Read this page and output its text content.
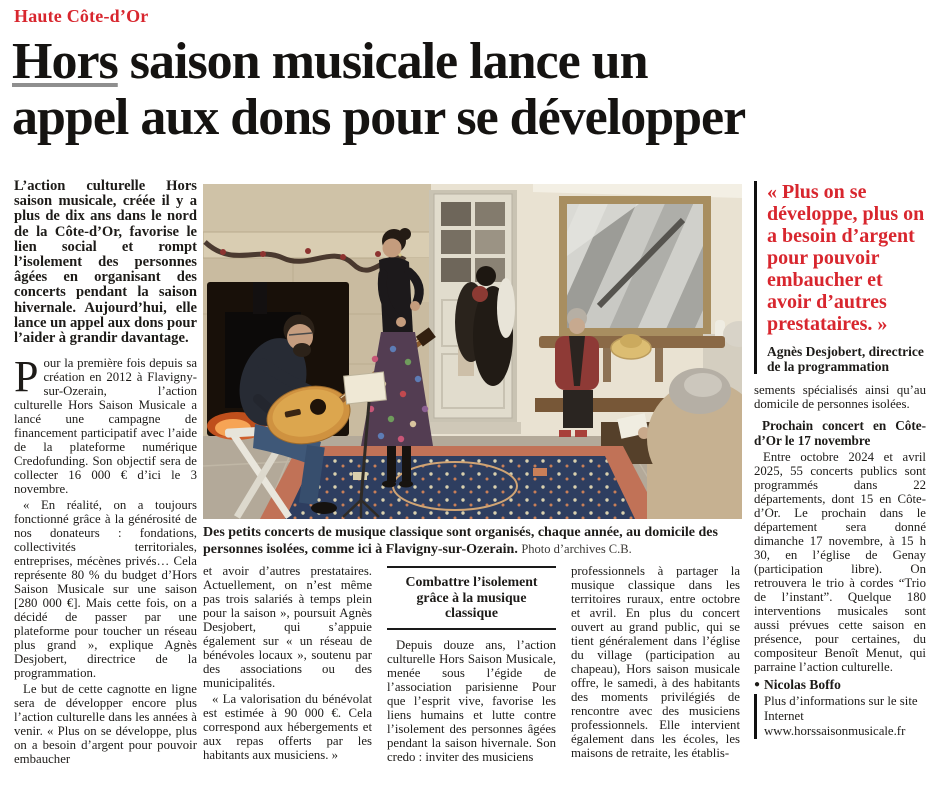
Haute Côte-d’Or
Hors saison musicale lance un
appel aux dons pour se développer

L’action culturelle Hors saison musicale, créée il y a plus de dix ans dans le nord de la Côte-d’Or, favorise le lien social et rompt l’isolement des personnes âgées en organisant des concerts pendant la saison hivernale. Aujourd’hui, elle lance un appel aux dons pour l’aider à grandir davantage.

Pour la première fois depuis sa création en 2012 à Flavigny-sur-Ozerain, l’action culturelle Hors Saison Musicale a lancé une campagne de financement participatif avec l’aide de la plateforme numérique Credofunding. Son objectif sera de collecter 16 000 € d’ici le 3 novembre.

« En réalité, on a toujours fonctionné grâce à la générosité de nos donateurs : fondations, collectivités territoriales, entreprises, mécènes privés… Cela représente 80 % du budget d’Hors Saison Musicale sur une saison [280 000 €]. Mais cette fois, on a décidé de passer par une plateforme pour toucher un réseau plus grand », explique Agnès Desjobert, directrice de la programmation.

Le but de cette cagnotte en ligne sera de développer encore plus l’action culturelle dans les années à venir. « Plus on se développe, plus on a besoin d’argent pour pouvoir embaucher

Des petits concerts de musique classique sont organisés, chaque année, au domicile des personnes isolées, comme ici à Flavigny-sur-Ozerain. Photo d’archives C.B.

et avoir d’autres prestataires. Actuellement, on n’est même pas trois salariés à temps plein pour la saison », poursuit Agnès Desjobert, qui s’appuie également sur « un réseau de bénévoles locaux », soutenu par des associations ou des municipalités.

« La valorisation du bénévolat est estimée à 90 000 €. Cela correspond aux hébergements et aux repas offerts par les habitants aux musiciens. »

Combattre l’isolement grâce à la musique classique

Depuis douze ans, l’action culturelle Hors Saison Musicale, menée sous l’égide de l’association parisienne Pour que l’esprit vive, favorise les liens humains et lutte contre l’isolement des personnes âgées pendant la saison hivernale. Son credo : inviter des musiciens

professionnels à partager la musique classique dans les territoires ruraux, entre octobre et avril. En plus du concert ouvert au grand public, qui se tient généralement dans l’église du village (participation au chapeau), Hors saison musicale offre, le samedi, à des habitants des moments privilégiés de rencontre avec des musiciens professionnels. Elle intervient également dans les écoles, les maisons de retraite, les établis-

« Plus on se développe, plus on a besoin d’argent pour pouvoir embaucher et avoir d’autres prestataires. »

Agnès Desjobert, directrice de la programmation

sements spécialisés ainsi qu’au domicile de personnes isolées.

Prochain concert en Côte-d’Or le 17 novembre

Entre octobre 2024 et avril 2025, 55 concerts publics sont programmés dans 22 départements, dont 15 en Côte-d’Or. Le prochain dans le département sera donné dimanche 17 novembre, à 15 h 30, en l’église de Genay (participation libre). On retrouvera le trio à cordes “Trio de l’instant”. Quelque 180 interventions musicales sont aussi prévues cette saison en présence, pour certaines, du compositeur Benoît Menut, qui parraine l’action culturelle.

● Nicolas Boffo

Plus d’informations sur le site Internet www.horssaisonmusicale.fr
